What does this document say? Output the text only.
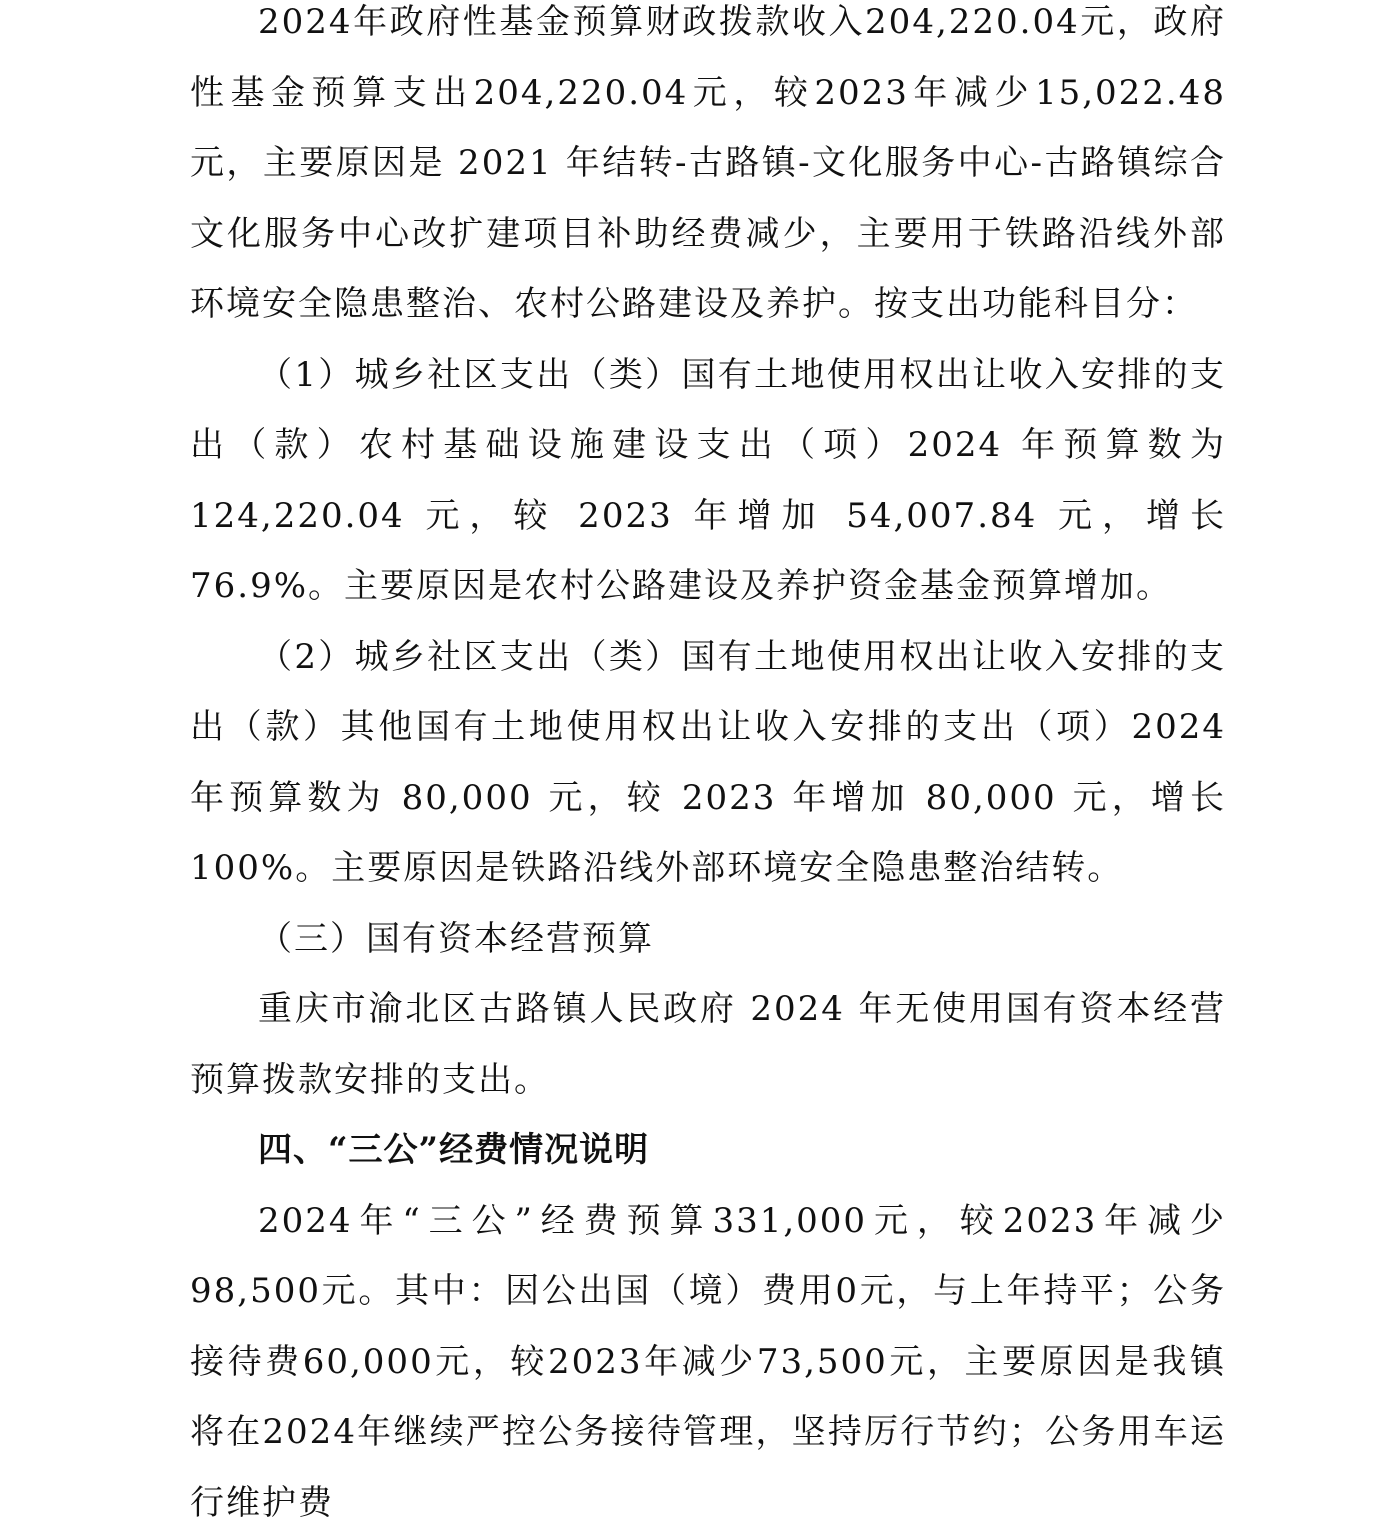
2024年政府性基金预算财政拨款收入204,220.04元，政府性基金预算支出204,220.04元，较2023年减少15,022.48元，主要原因是 2021 年结转-古路镇-文化服务中心-古路镇综合文化服务中心改扩建项目补助经费减少，主要用于铁路沿线外部环境安全隐患整治、农村公路建设及养护。按支出功能科目分：

（1）城乡社区支出（类）国有土地使用权出让收入安排的支出（款）农村基础设施建设支出（项）2024 年预算数为124,220.04 元，较 2023 年增加 54,007.84 元，增长 76.9%。主要原因是农村公路建设及养护资金基金预算增加。

（2）城乡社区支出（类）国有土地使用权出让收入安排的支出（款）其他国有土地使用权出让收入安排的支出（项）2024 年预算数为 80,000 元，较 2023 年增加 80,000 元，增长 100%。主要原因是铁路沿线外部环境安全隐患整治结转。

（三）国有资本经营预算

重庆市渝北区古路镇人民政府 2024 年无使用国有资本经营预算拨款安排的支出。

四、“三公”经费情况说明

2024年“三公”经费预算331,000元，较2023年减少98,500元。其中：因公出国（境）费用0元，与上年持平；公务接待费60,000元，较2023年减少73,500元，主要原因是我镇将在2024年继续严控公务接待管理，坚持厉行节约；公务用车运行维护费
